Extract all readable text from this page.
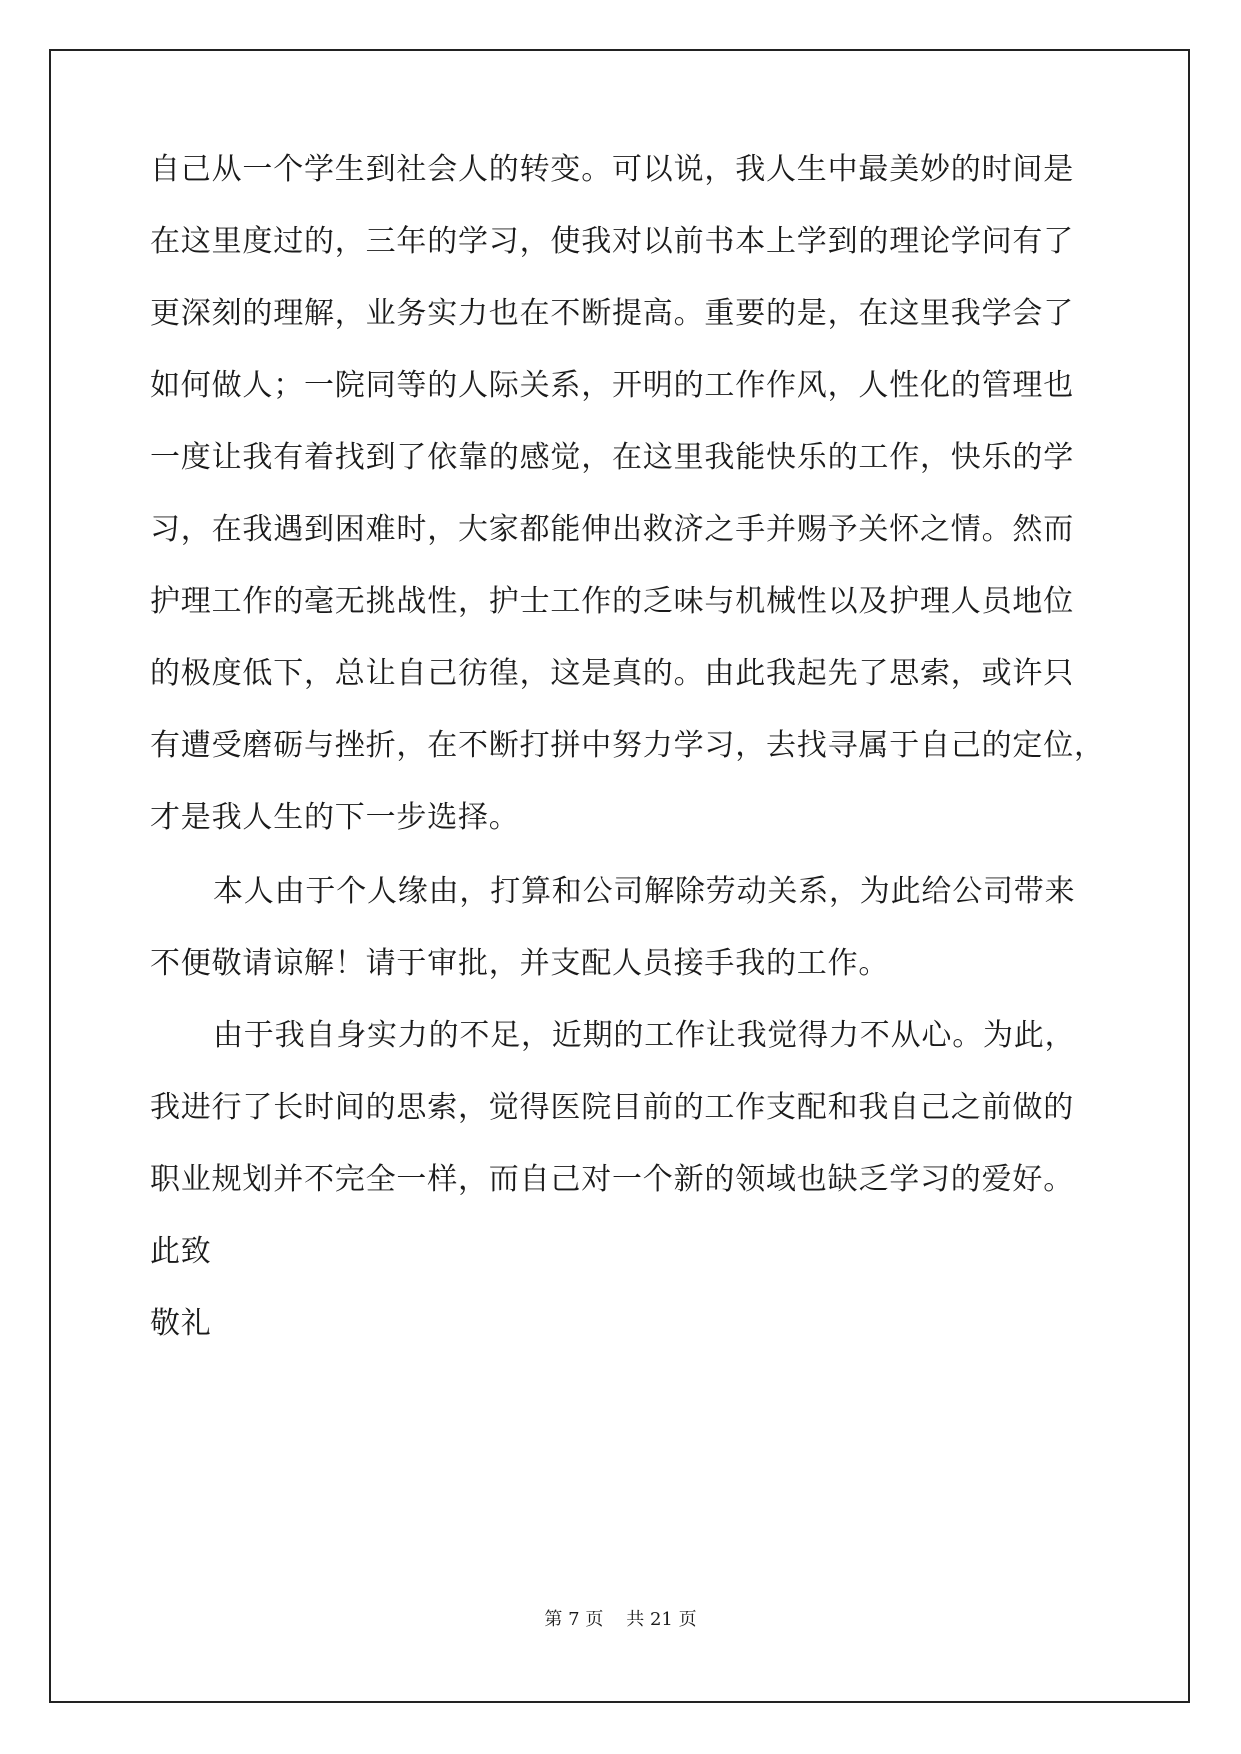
自己从一个学生到社会人的转变。可以说，我人生中最美妙的时间是
在这里度过的，三年的学习，使我对以前书本上学到的理论学问有了
更深刻的理解，业务实力也在不断提高。重要的是，在这里我学会了
如何做人；一院同等的人际关系，开明的工作作风，人性化的管理也
一度让我有着找到了依靠的感觉，在这里我能快乐的工作，快乐的学
习，在我遇到困难时，大家都能伸出救济之手并赐予关怀之情。然而
护理工作的毫无挑战性，护士工作的乏味与机械性以及护理人员地位
的极度低下，总让自己彷徨，这是真的。由此我起先了思索，或许只
有遭受磨砺与挫折，在不断打拼中努力学习，去找寻属于自己的定位，
才是我人生的下一步选择。
本人由于个人缘由，打算和公司解除劳动关系，为此给公司带来
不便敬请谅解！请于审批，并支配人员接手我的工作。
由于我自身实力的不足，近期的工作让我觉得力不从心。为此，
我进行了长时间的思索，觉得医院目前的工作支配和我自己之前做的
职业规划并不完全一样，而自己对一个新的领域也缺乏学习的爱好。
此致
敬礼
第 7 页 共 21 页
